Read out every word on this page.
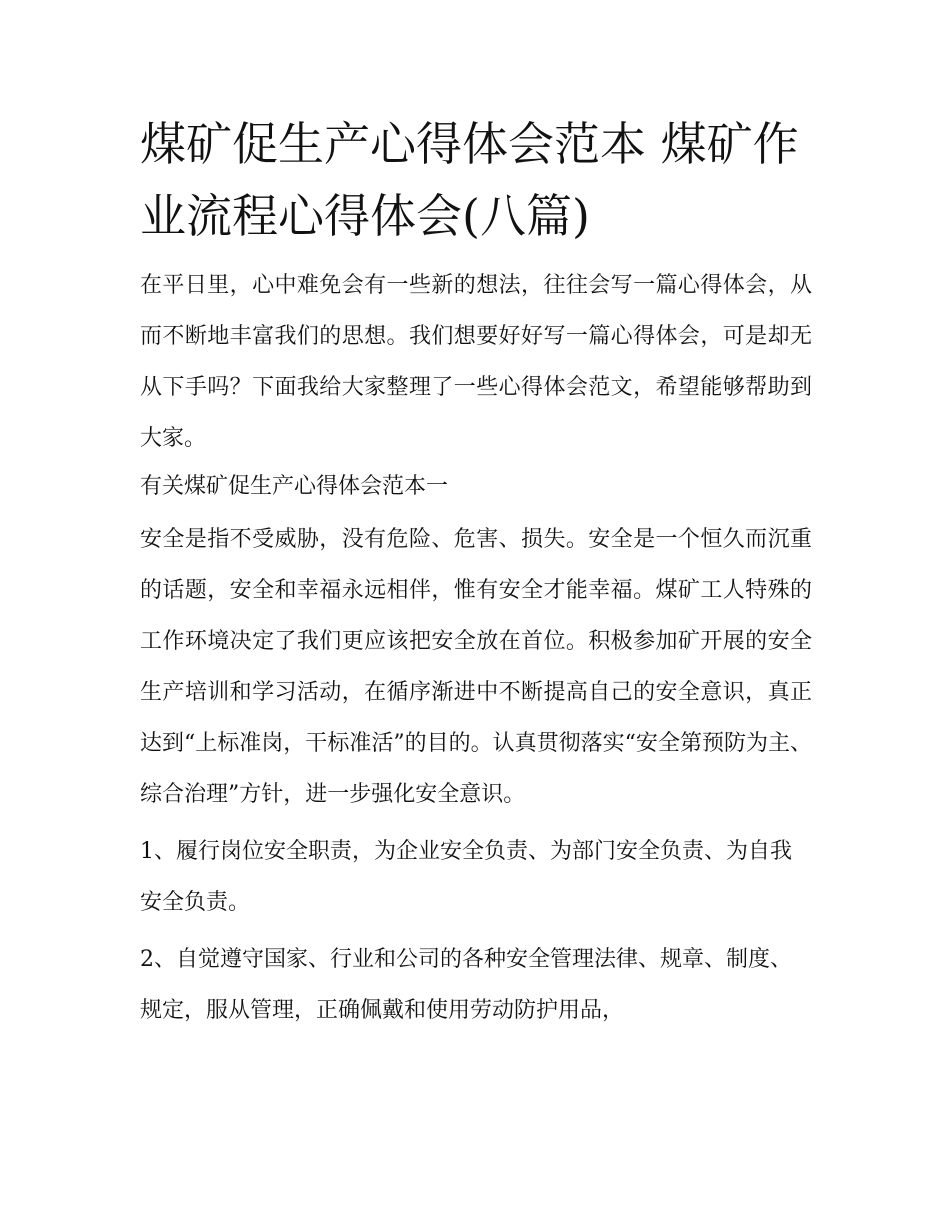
煤矿促生产心得体会范本 煤矿作业流程心得体会(八篇)

在平日里，心中难免会有一些新的想法，往往会写一篇心得体会，从而不断地丰富我们的思想。我们想要好好写一篇心得体会，可是却无从下手吗？下面我给大家整理了一些心得体会范文，希望能够帮助到大家。

有关煤矿促生产心得体会范本一

安全是指不受威胁，没有危险、危害、损失。安全是一个恒久而沉重的话题，安全和幸福永远相伴，惟有安全才能幸福。煤矿工人特殊的工作环境决定了我们更应该把安全放在首位。积极参加矿开展的安全生产培训和学习活动，在循序渐进中不断提高自己的安全意识，真正达到“上标准岗，干标准活”的目的。认真贯彻落实“安全第预防为主、综合治理”方针，进一步强化安全意识。

1、履行岗位安全职责，为企业安全负责、为部门安全负责、为自我安全负责。

2、自觉遵守国家、行业和公司的各种安全管理法律、规章、制度、规定，服从管理，正确佩戴和使用劳动防护用品，
